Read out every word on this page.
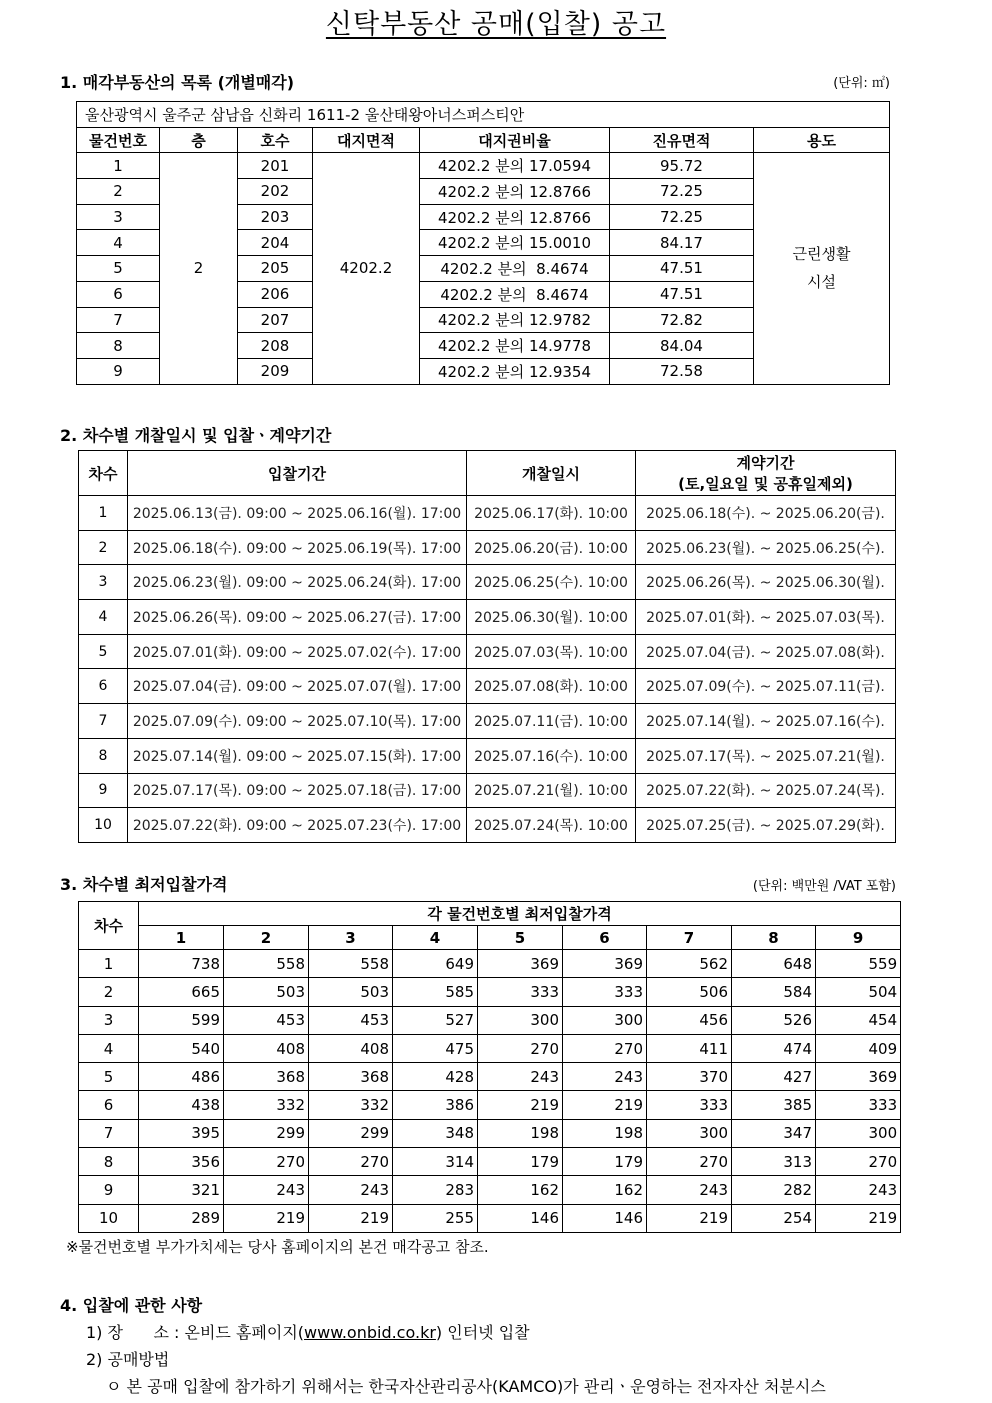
신탁부동산 공매(입찰) 공고
1. 매각부동산의 목록 (개별매각)	(단위: ㎡)
울산광역시 울주군 삼남읍 신화리 1611-2 울산태왕아너스퍼스티안						
물건번호	층	호수	대지면적	대지권비율	진유면적	용도
1	2	201	4202.2	4202.2 분의 17.0594	95.72	근린생활 시설
2		202		4202.2 분의 12.8766	72.25	
3		203		4202.2 분의 12.8766	72.25	
4		204		4202.2 분의 15.0010	84.17	
5		205		4202.2 분의  8.4674	47.51	
6		206		4202.2 분의  8.4674	47.51	
7		207		4202.2 분의 12.9782	72.82	
8		208		4202.2 분의 14.9778	84.04	
9		209		4202.2 분의 12.9354	72.58	
2. 차수별 개찰일시 및 입찰ㆍ계약기간
차수	입찰기간	개찰일시	계약기간
(토,일요일 및 공휴일제외)

1	2025.06.13(금). 09:00 ~ 2025.06.16(월). 17:00	2025.06.17(화). 10:00	2025.06.18(수). ~ 2025.06.20(금).
2	2025.06.18(수). 09:00 ~ 2025.06.19(목). 17:00	2025.06.20(금). 10:00	2025.06.23(월). ~ 2025.06.25(수).
3	2025.06.23(월). 09:00 ~ 2025.06.24(화). 17:00	2025.06.25(수). 10:00	2025.06.26(목). ~ 2025.06.30(월).
4	2025.06.26(목). 09:00 ~ 2025.06.27(금). 17:00	2025.06.30(월). 10:00	2025.07.01(화). ~ 2025.07.03(목).
5	2025.07.01(화). 09:00 ~ 2025.07.02(수). 17:00	2025.07.03(목). 10:00	2025.07.04(금). ~ 2025.07.08(화).
6	2025.07.04(금). 09:00 ~ 2025.07.07(월). 17:00	2025.07.08(화). 10:00	2025.07.09(수). ~ 2025.07.11(금).
7	2025.07.09(수). 09:00 ~ 2025.07.10(목). 17:00	2025.07.11(금). 10:00	2025.07.14(월). ~ 2025.07.16(수).
8	2025.07.14(월). 09:00 ~ 2025.07.15(화). 17:00	2025.07.16(수). 10:00	2025.07.17(목). ~ 2025.07.21(월).
9	2025.07.17(목). 09:00 ~ 2025.07.18(금). 17:00	2025.07.21(월). 10:00	2025.07.22(화). ~ 2025.07.24(목).
10	2025.07.22(화). 09:00 ~ 2025.07.23(수). 17:00	2025.07.24(목). 10:00	2025.07.25(금). ~ 2025.07.29(화).
3. 차수별 최저입찰가격	(단위: 백만원 /VAT 포함)
차수	각 물건번호별 최저입찰가격								
	1	2	3	4	5	6	7	8	9
1	738	558	558	649	369	369	562	648	559
2	665	503	503	585	333	333	506	584	504
3	599	453	453	527	300	300	456	526	454
4	540	408	408	475	270	270	411	474	409
5	486	368	368	428	243	243	370	427	369
6	438	332	332	386	219	219	333	385	333
7	395	299	299	348	198	198	300	347	300
8	356	270	270	314	179	179	270	313	270
9	321	243	243	283	162	162	243	282	243
10	289	219	219	255	146	146	219	254	219
※물건번호별 부가가치세는 당사 홈페이지의 본건 매각공고 참조.
4. 입찰에 관한 사항
1) 장      소 : 온비드 홈페이지(www.onbid.co.kr) 인터넷 입찰
2) 공매방법
ㅇ 본 공매 입찰에 참가하기 위해서는 한국자산관리공사(KAMCO)가 관리ㆍ운영하는 전자자산 처분시스
